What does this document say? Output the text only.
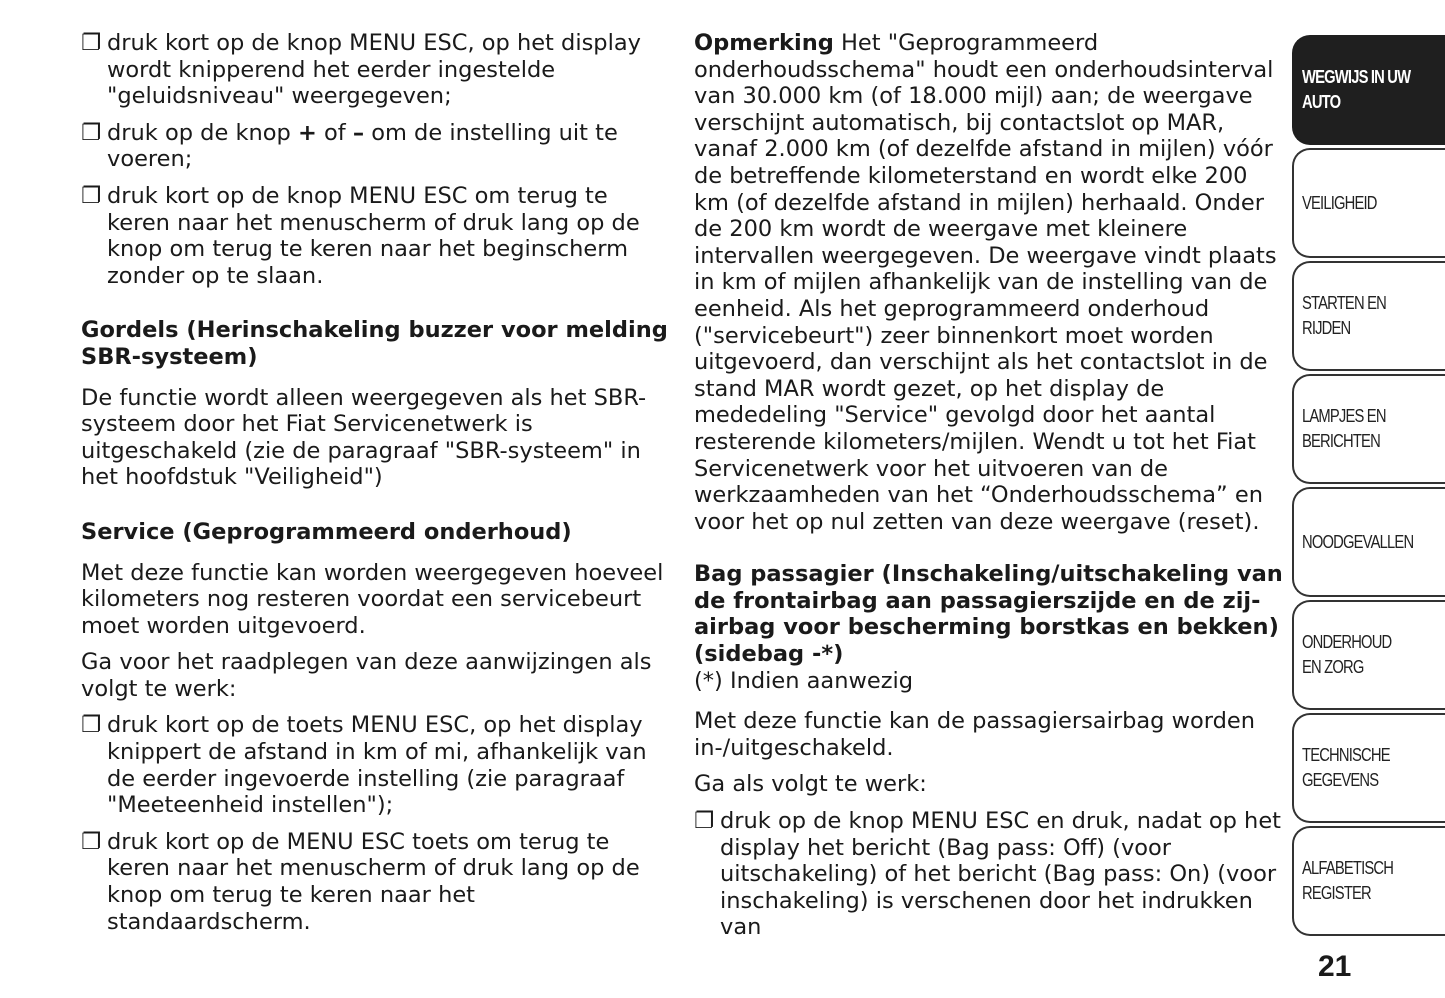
❐ druk kort op de knop MENU ESC, op het display wordt knipperend het eerder ingestelde "geluidsniveau" weergegeven;

❐ druk op de knop + of – om de instelling uit te voeren;

❐ druk kort op de knop MENU ESC om terug te keren naar het menuscherm of druk lang op de knop om terug te keren naar het beginscherm zonder op te slaan.

Gordels (Herinschakeling buzzer voor melding SBR-systeem)

De functie wordt alleen weergegeven als het SBR-systeem door het Fiat Servicenetwerk is uitgeschakeld (zie de paragraaf "SBR-systeem" in het hoofdstuk "Veiligheid")

Service (Geprogrammeerd onderhoud)

Met deze functie kan worden weergegeven hoeveel kilometers nog resteren voordat een servicebeurt moet worden uitgevoerd.

Ga voor het raadplegen van deze aanwijzingen als volgt te werk:

❐ druk kort op de toets MENU ESC, op het display knippert de afstand in km of mi, afhankelijk van de eerder ingevoerde instelling (zie paragraaf "Meeteenheid instellen");

❐ druk kort op de MENU ESC toets om terug te keren naar het menuscherm of druk lang op de knop om terug te keren naar het standaardscherm.

Opmerking Het "Geprogrammeerd onderhoudsschema" houdt een onderhoudsinterval van 30.000 km (of 18.000 mijl) aan; de weergave verschijnt automatisch, bij contactslot op MAR, vanaf 2.000 km (of dezelfde afstand in mijlen) vóór de betreffende kilometerstand en wordt elke 200 km (of dezelfde afstand in mijlen) herhaald. Onder de 200 km wordt de weergave met kleinere intervallen weergegeven. De weergave vindt plaats in km of mijlen afhankelijk van de instelling van de eenheid. Als het geprogrammeerd onderhoud ("servicebeurt") zeer binnenkort moet worden uitgevoerd, dan verschijnt als het contactslot in de stand MAR wordt gezet, op het display de mededeling "Service" gevolgd door het aantal resterende kilometers/mijlen. Wendt u tot het Fiat Servicenetwerk voor het uitvoeren van de werkzaamheden van het “Onderhoudsschema” en voor het op nul zetten van deze weergave (reset).

Bag passagier (Inschakeling/uitschakeling van de frontairbag aan passagierszijde en de zij-airbag voor bescherming borstkas en bekken) (sidebag -*)

(*) Indien aanwezig

Met deze functie kan de passagiersairbag worden in-/uitgeschakeld.

Ga als volgt te werk:

❐ druk op de knop MENU ESC en druk, nadat op het display het bericht (Bag pass: Off) (voor uitschakeling) of het bericht (Bag pass: On) (voor inschakeling) is verschenen door het indrukken van

WEGWIJS IN UW AUTO
VEILIGHEID
STARTEN EN RIJDEN
LAMPJES EN BERICHTEN
NOODGEVALLEN
ONDERHOUD EN ZORG
TECHNISCHE GEGEVENS
ALFABETISCH REGISTER
21
